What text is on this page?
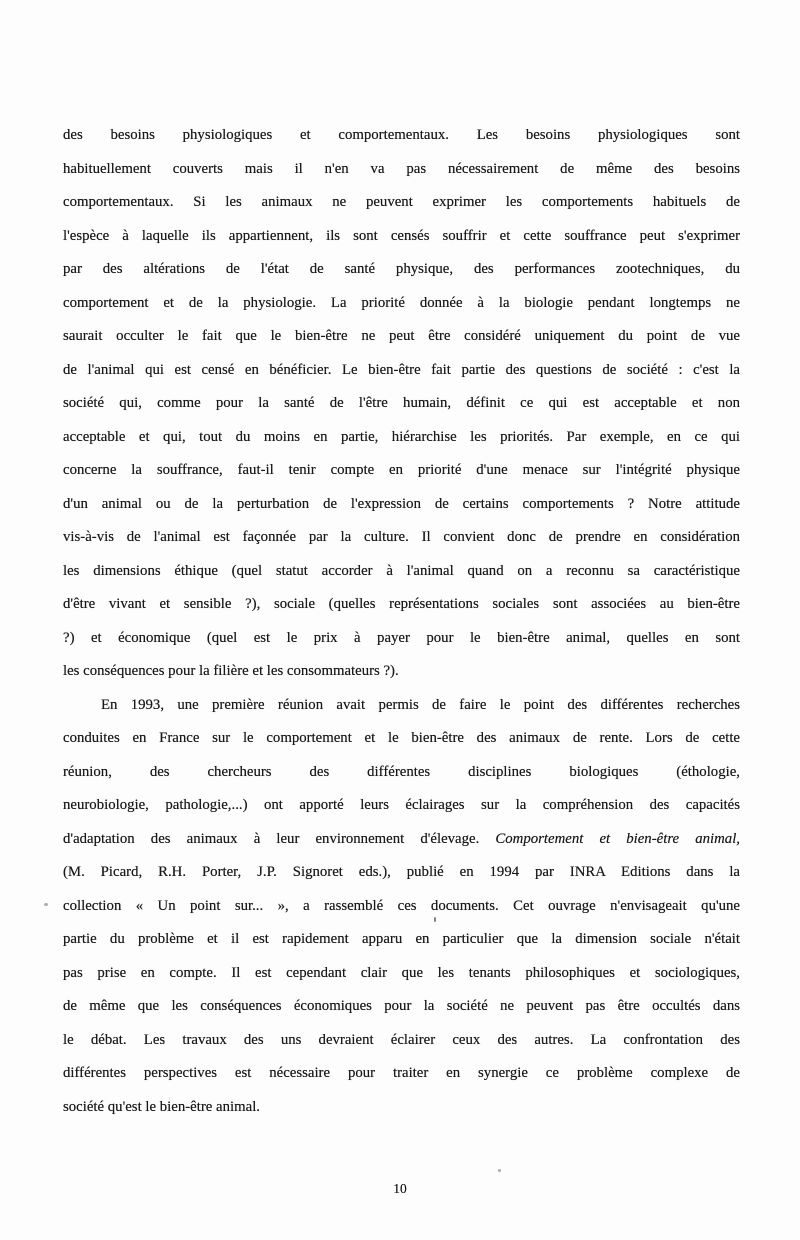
des besoins physiologiques et comportementaux. Les besoins physiologiques sont
habituellement couverts mais il n'en va pas nécessairement de même des besoins
comportementaux. Si les animaux ne peuvent exprimer les comportements habituels de
l'espèce à laquelle ils appartiennent, ils sont censés souffrir et cette souffrance peut s'exprimer
par des altérations de l'état de santé physique, des performances zootechniques, du
comportement et de la physiologie. La priorité donnée à la biologie pendant longtemps ne
saurait occulter le fait que le bien-être ne peut être considéré uniquement du point de vue
de l'animal qui est censé en bénéficier. Le bien-être fait partie des questions de société : c'est la
société qui, comme pour la santé de l'être humain, définit ce qui est acceptable et non
acceptable et qui, tout du moins en partie, hiérarchise les priorités. Par exemple, en ce qui
concerne la souffrance, faut-il tenir compte en priorité d'une menace sur l'intégrité physique
d'un animal ou de la perturbation de l'expression de certains comportements ? Notre attitude
vis-à-vis de l'animal est façonnée par la culture. Il convient donc de prendre en considération
les dimensions éthique (quel statut accorder à l'animal quand on a reconnu sa caractéristique
d'être vivant et sensible ?), sociale (quelles représentations sociales sont associées au bien-être
?) et économique (quel est le prix à payer pour le bien-être animal, quelles en sont
les conséquences pour la filière et les consommateurs ?).
En 1993, une première réunion avait permis de faire le point des différentes recherches
conduites en France sur le comportement et le bien-être des animaux de rente. Lors de cette
réunion, des chercheurs des différentes disciplines biologiques (éthologie,
neurobiologie, pathologie,...) ont apporté leurs éclairages sur la compréhension des capacités
d'adaptation des animaux à leur environnement d'élevage. Comportement et bien-être animal,
(M. Picard, R.H. Porter, J.P. Signoret eds.), publié en 1994 par INRA Editions dans la
collection « Un point sur... », a rassemblé ces documents. Cet ouvrage n'envisageait qu'une
partie du problème et il est rapidement apparu en particulier que la dimension sociale n'était
pas prise en compte. Il est cependant clair que les tenants philosophiques et sociologiques,
de même que les conséquences économiques pour la société ne peuvent pas être occultés dans
le débat. Les travaux des uns devraient éclairer ceux des autres. La confrontation des
différentes perspectives est nécessaire pour traiter en synergie ce problème complexe de
société qu'est le bien-être animal.
10
